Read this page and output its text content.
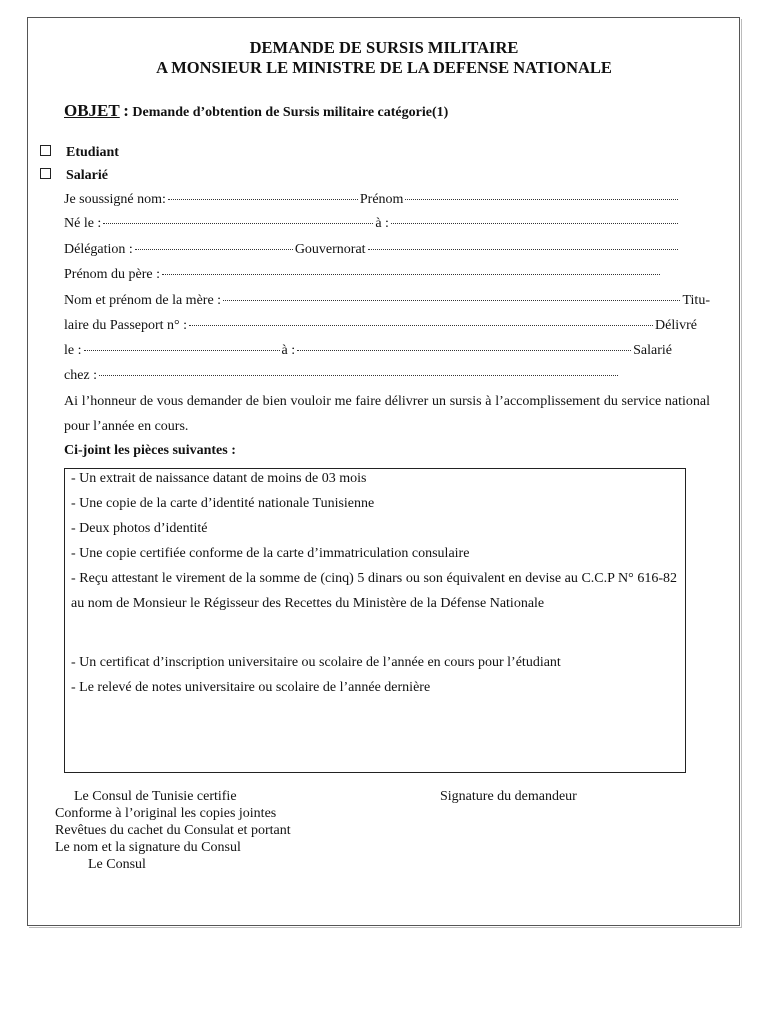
DEMANDE DE SURSIS MILITAIRE
A MONSIEUR LE MINISTRE DE LA DEFENSE NATIONALE
OBJET : Demande d’obtention de Sursis militaire catégorie(1)
Etudiant
Salarié
Je soussigné nom:	Prénom
Né le :	à :
Délégation :	Gouvernorat
Prénom du père :
Nom et prénom de la mère :	Titu-
laire du Passeport n° :	Délivré
le :	à :	Salarié
chez :
Ai l’honneur de vous demander de bien vouloir me faire délivrer un sursis à l’accomplissement du service national pour l’année en cours.
Ci-joint les pièces suivantes :
- Un extrait de naissance datant de moins de 03 mois
- Une copie de la carte d’identité nationale Tunisienne
- Deux photos d’identité
- Une copie certifiée conforme de la carte d’immatriculation consulaire
- Reçu attestant le virement de la somme de (cinq) 5 dinars ou son équivalent en devise au C.C.P N° 616-82 au nom de Monsieur le Régisseur des Recettes du Ministère de la Défense Nationale
- Un certificat d’inscription universitaire ou scolaire de l’année en cours pour l’étudiant
- Le relevé de notes universitaire ou scolaire de l’année dernière
Le Consul de Tunisie certifie
Conforme à l’original les copies jointes
Revêtues du cachet du Consulat et portant
Le nom et la signature du Consul
Le Consul
Signature du demandeur
